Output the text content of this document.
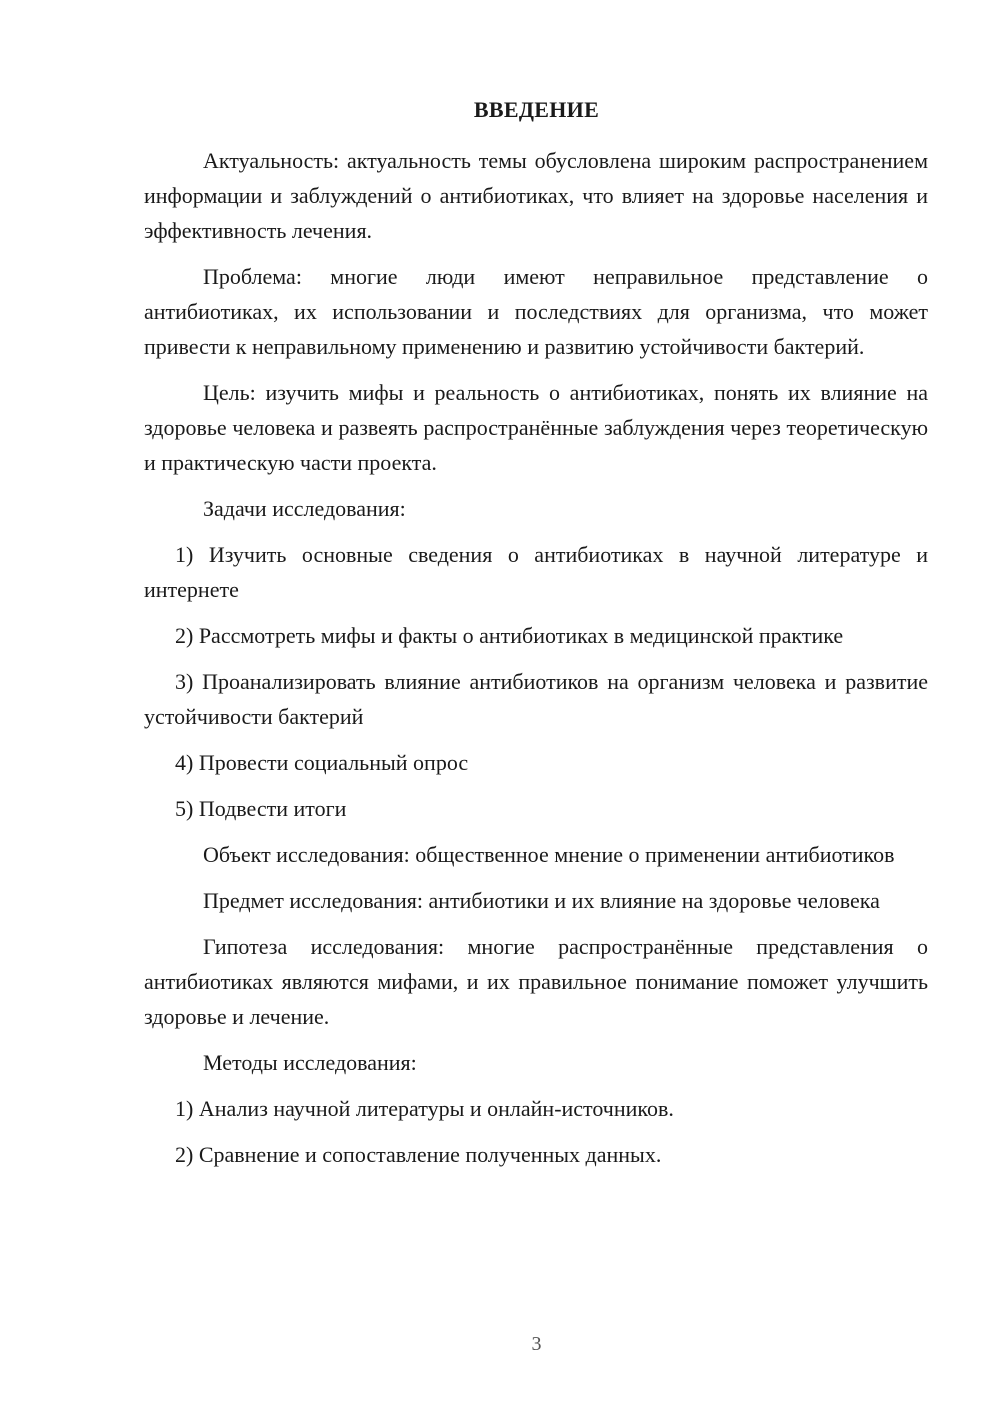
ВВЕДЕНИЕ

Актуальность: актуальность темы обусловлена широким распространением информации и заблуждений о антибиотиках, что влияет на здоровье населения и эффективность лечения.

Проблема: многие люди имеют неправильное представление о антибиотиках, их использовании и последствиях для организма, что может привести к неправильному применению и развитию устойчивости бактерий.

Цель: изучить мифы и реальность о антибиотиках, понять их влияние на здоровье человека и развеять распространённые заблуждения через теоретическую и практическую части проекта.

Задачи исследования:

1) Изучить основные сведения о антибиотиках в научной литературе и интернете

2) Рассмотреть мифы и факты о антибиотиках в медицинской практике

3) Проанализировать влияние антибиотиков на организм человека и развитие устойчивости бактерий

4) Провести социальный опрос

5) Подвести итоги

Объект исследования: общественное мнение о применении антибиотиков

Предмет исследования: антибиотики и их влияние на здоровье человека

Гипотеза исследования: многие распространённые представления о антибиотиках являются мифами, и их правильное понимание поможет улучшить здоровье и лечение.

Методы исследования:

1) Анализ научной литературы и онлайн-источников.

2) Сравнение и сопоставление полученных данных.

3
